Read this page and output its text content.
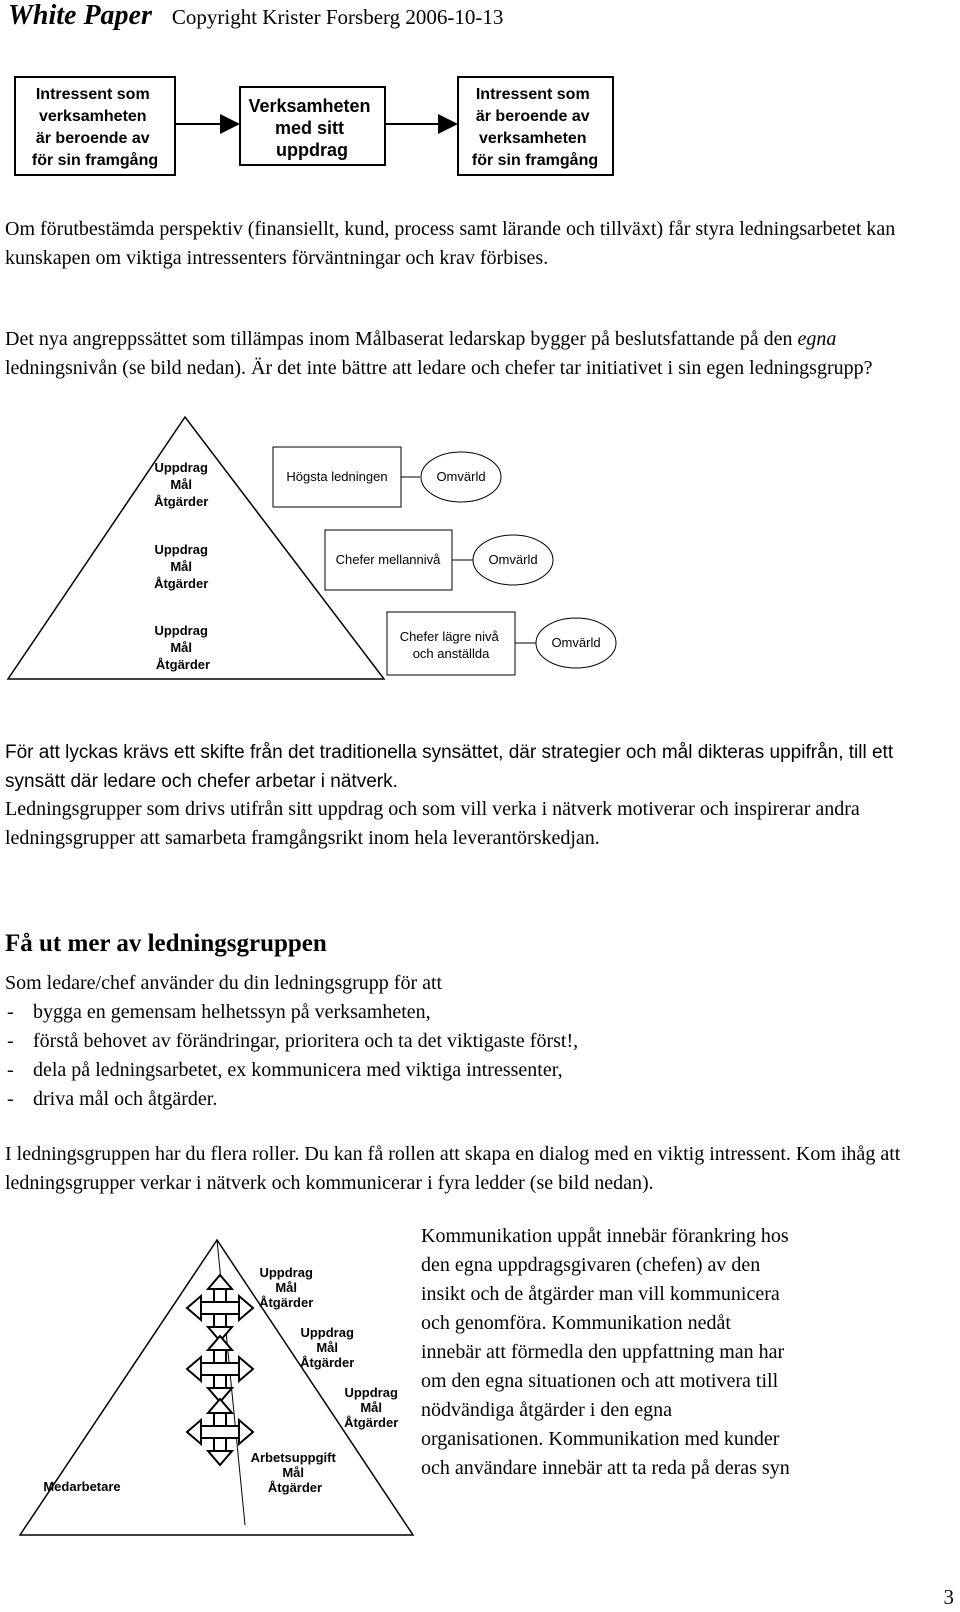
White Paper Copyright Krister Forsberg 2006-10-13
Intressent som verksamheten är beroende av för sin framgång
Verksamheten med sitt uppdrag
Intressent som är beroende av verksamheten för sin framgång

Om förutbestämda perspektiv (finansiellt, kund, process samt lärande och tillväxt) får styra ledningsarbetet kan kunskapen om viktiga intressenters förväntningar och krav förbises.

Det nya angreppssättet som tillämpas inom Målbaserat ledarskap bygger på beslutsfattande på den egna ledningsnivån (se bild nedan). Är det inte bättre att ledare och chefer tar initiativet i sin egen ledningsgrupp?

Uppdrag Mål Åtgärder Uppdrag Mål Åtgärder Uppdrag Mål Åtgärder
Högsta ledningen	Omvärld
Chefer mellannivå	Omvärld
Chefer lägre nivå och anställda
Omvärld

För att lyckas krävs ett skifte från det traditionella synsättet, där strategier och mål dikteras uppifrån, till ett synsätt där ledare och chefer arbetar i nätverk.

Ledningsgrupper som drivs utifrån sitt uppdrag och som vill verka i nätverk motiverar och inspirerar andra ledningsgrupper att samarbeta framgångsrikt inom hela leverantörskedjan.

Få ut mer av ledningsgruppen

Som ledare/chef använder du din ledningsgrupp för att

- bygga en gemensam helhetssyn på verksamheten,
- förstå behovet av förändringar, prioritera och ta det viktigaste först!,
- dela på ledningsarbetet, ex kommunicera med viktiga intressenter,
- driva mål och åtgärder.

I ledningsgruppen har du flera roller. Du kan få rollen att skapa en dialog med en viktig intressent. Kom ihåg att ledningsgrupper verkar i nätverk och kommunicerar i fyra ledder (se bild nedan).

Uppdrag Mål Åtgärder Uppdrag Mål Åtgärder Uppdrag Mål Åtgärder Arbetsuppgift Mål Åtgärder
Medarbetare
Kommunikation uppåt innebär förankring hos
den egna uppdragsgivaren (chefen) av den
insikt och de åtgärder man vill kommunicera
och genomföra. Kommunikation nedåt
innebär att förmedla den uppfattning man har
om den egna situationen och att motivera till
nödvändiga åtgärder i den egna
organisationen. Kommunikation med kunder
och användare innebär att ta reda på deras syn
3
